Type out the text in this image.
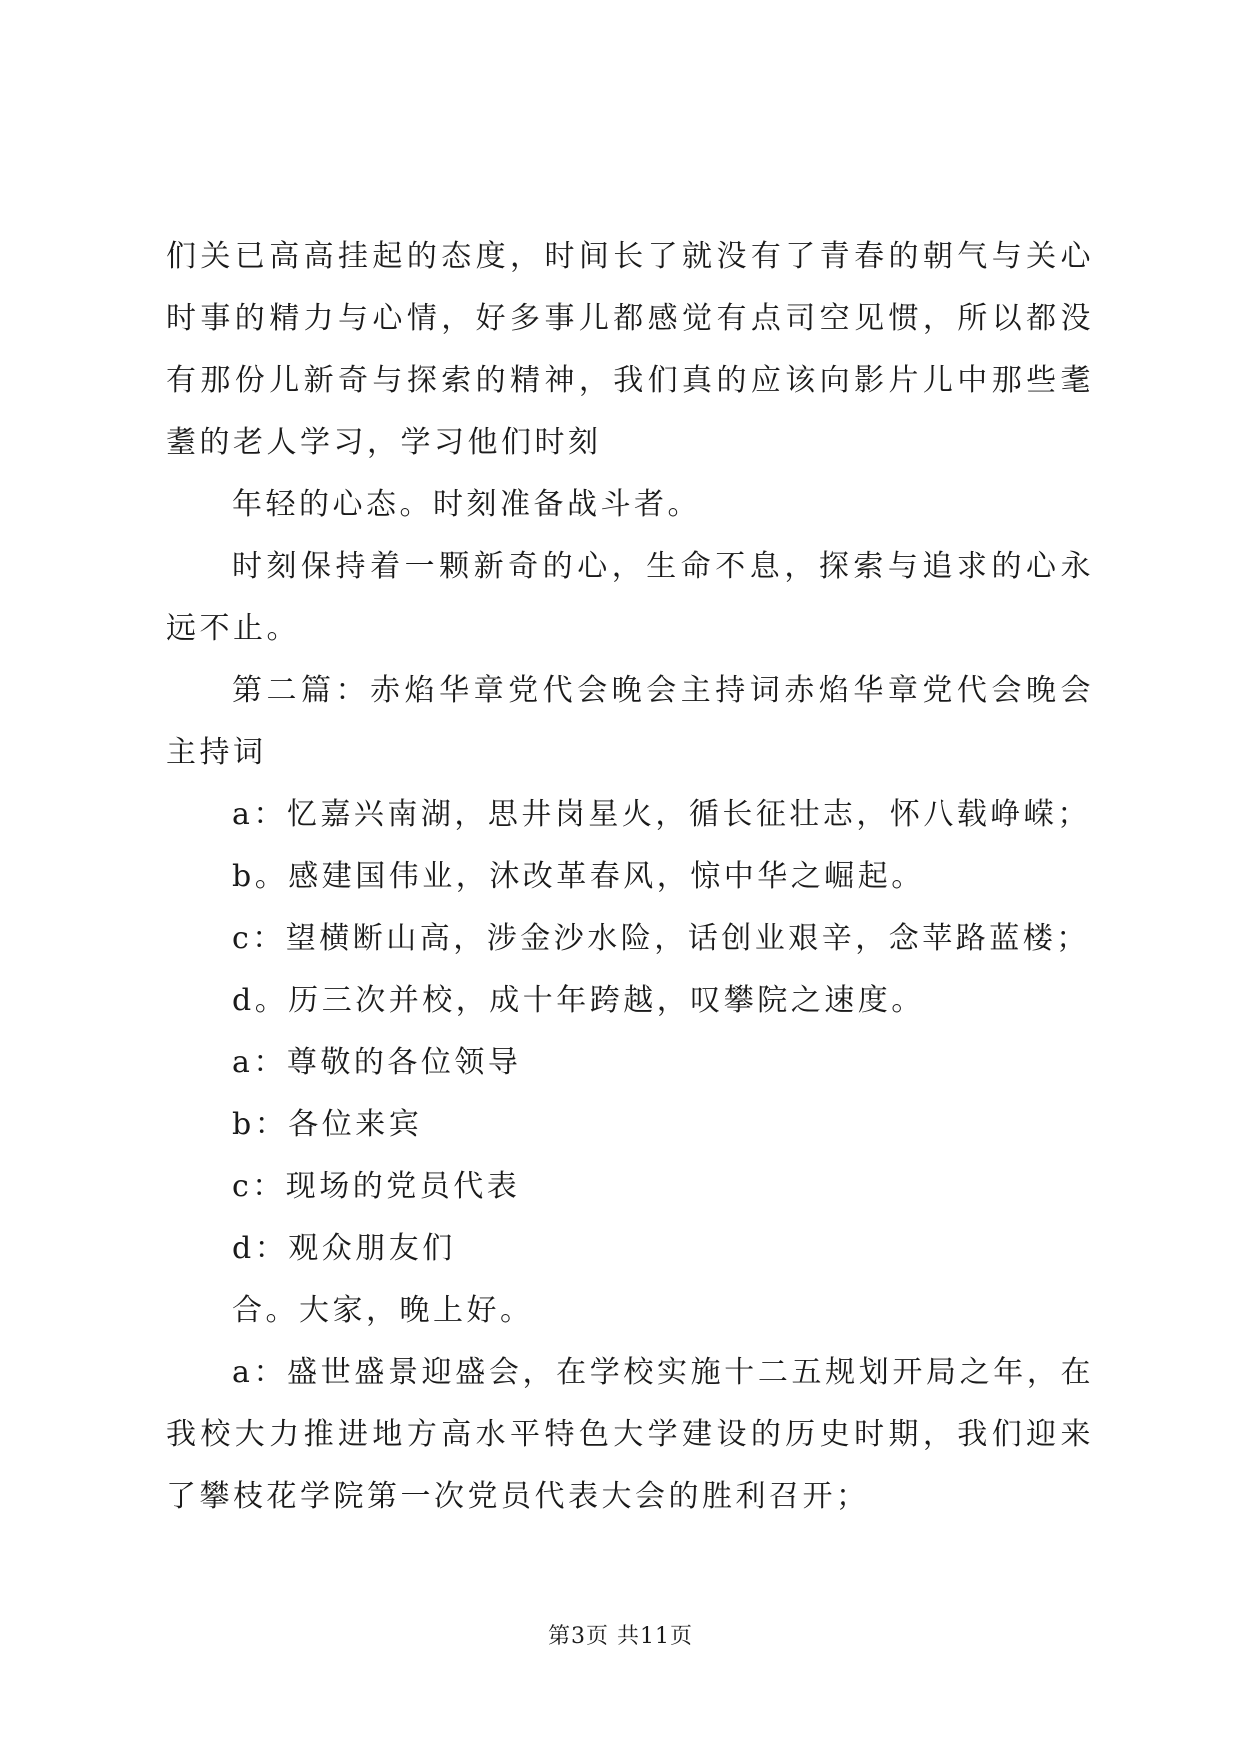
们关已高高挂起的态度，时间长了就没有了青春的朝气与关心时事的精力与心情，好多事儿都感觉有点司空见惯，所以都没有那份儿新奇与探索的精神，我们真的应该向影片儿中那些耄耋的老人学习，学习他们时刻

年轻的心态。时刻准备战斗者。

时刻保持着一颗新奇的心，生命不息，探索与追求的心永远不止。

第二篇：赤焰华章党代会晚会主持词赤焰华章党代会晚会主持词

a：忆嘉兴南湖，思井岗星火，循长征壮志，怀八载峥嵘；

b。感建国伟业，沐改革春风，惊中华之崛起。

c：望横断山高，涉金沙水险，话创业艰辛，念苹路蓝楼；

d。历三次并校，成十年跨越，叹攀院之速度。

a：尊敬的各位领导

b：各位来宾

c：现场的党员代表

d：观众朋友们

合。大家，晚上好。

a：盛世盛景迎盛会，在学校实施十二五规划开局之年，在我校大力推进地方高水平特色大学建设的历史时期，我们迎来了攀枝花学院第一次党员代表大会的胜利召开；

第3页 共11页
